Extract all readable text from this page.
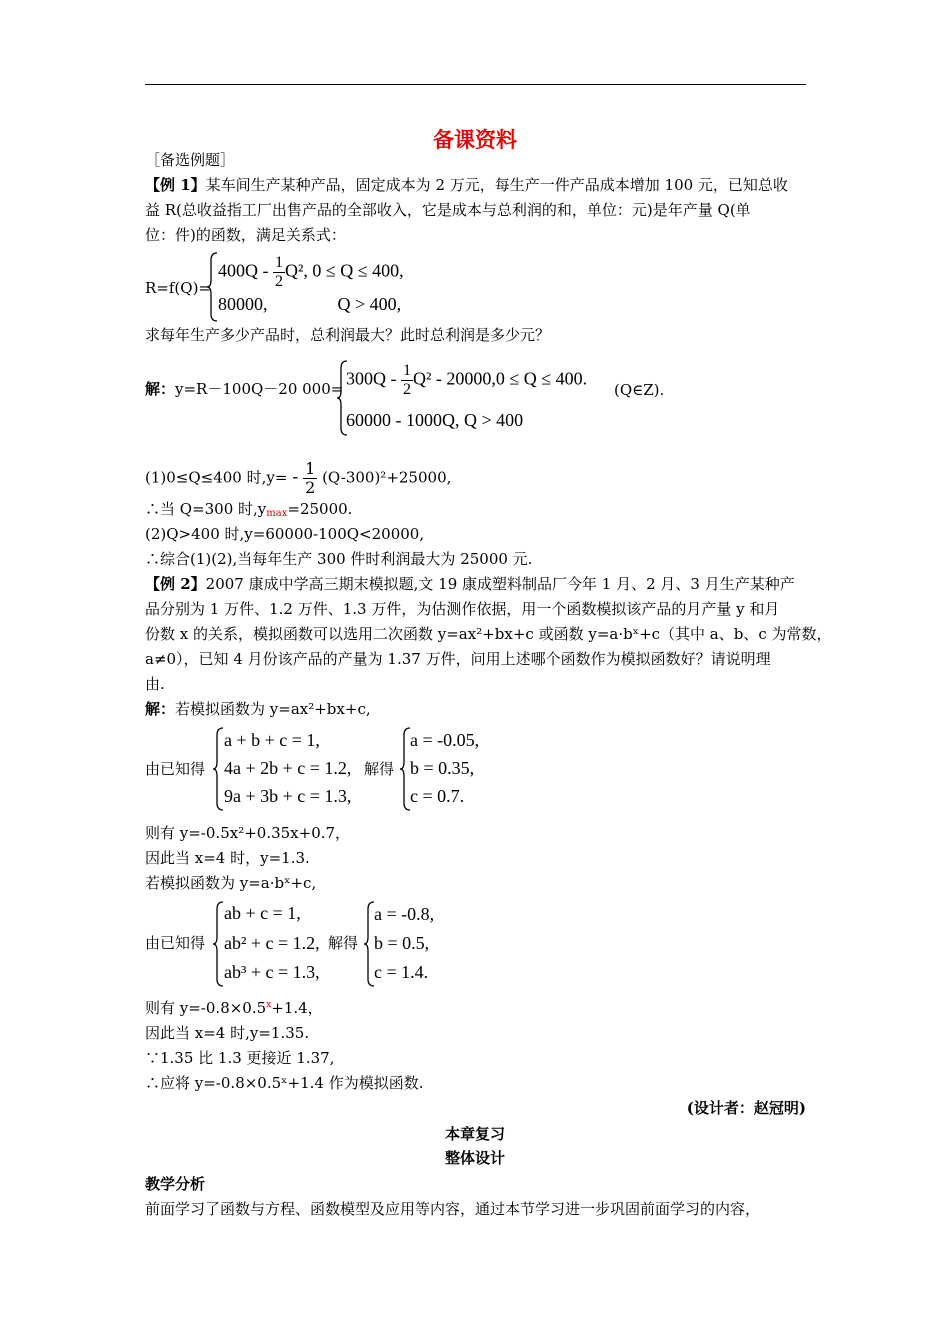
备课资料
［备选例题］
【例 1】某车间生产某种产品，固定成本为 2 万元，每生产一件产品成本增加 100 元，已知总收
益 R(总收益指工厂出售产品的全部收入，它是成本与总利润的和，单位：元)是年产量 Q(单
位：件)的函数，满足关系式：
R=f(Q)=
$400Q - \frac{1}{2} Q^2$, 0 ≤ Q ≤ 400,
80000,	Q > 400,
求每年生产多少产品时，总利润最大？此时总利润是多少元？
解：y=R－100Q－20 000=
$300Q - \frac{1}{2} Q^2 - 20000,0 \le Q \le 400$.
(Q∈Z).
60000 - 1000Q, Q > 400
(1)0≤Q≤400 时$,y= - \frac{1}{2} (Q-300)^2+25000$,
∴当 Q=300 时$,y_{max}=25000$.
(2)Q>400 时,y=60000-100Q<20000,
∴综合(1)(2),当每年生产 300 件时利润最大为 25000 元.
【例 2】2007 康成中学高三期末模拟题,文 19 康成塑料制品厂今年 1 月、2 月、3 月生产某种产
品分别为 1 万件、1.2 万件、1.3 万件，为估测作依据，用一个函数模拟该产品的月产量 y 和月
份数 x 的关系，模拟函数可以选用二次函数 y=ax²+bx+c 或函数 y=a·bˣ+c（其中 a、b、c 为常数，
a≠0），已知 4 月份该产品的产量为 1.37 万件，问用上述哪个函数作为模拟函数好？请说明理
由.
解：若模拟函数为 y=ax²+bx+c,
由已知得
a + b + c = 1,
4a + 2b + c = 1.2,
9a + 3b + c = 1.3,
解得
a = -0.05,
b = 0.35,
c = 0.7.
则有 y=-0.5x²+0.35x+0.7，
因此当 x=4 时，y=1.3.
若模拟函数为 y=a·bˣ+c,
由已知得
ab + c = 1,
ab² + c = 1.2,
ab³ + c = 1.3,
解得
a = -0.8,
b = 0.5,
c = 1.4.
则有 $y=-0.8\times 0.5^x+1.4$，
因此当 x=4 时,y=1.35.
∵1.35 比 1.3 更接近 1.37,
∴应将 y=-0.8×0.5ˣ+1.4 作为模拟函数.
(设计者：赵冠明)
本章复习
整体设计
教学分析
前面学习了函数与方程、函数模型及应用等内容，通过本节学习进一步巩固前面学习的内容，
